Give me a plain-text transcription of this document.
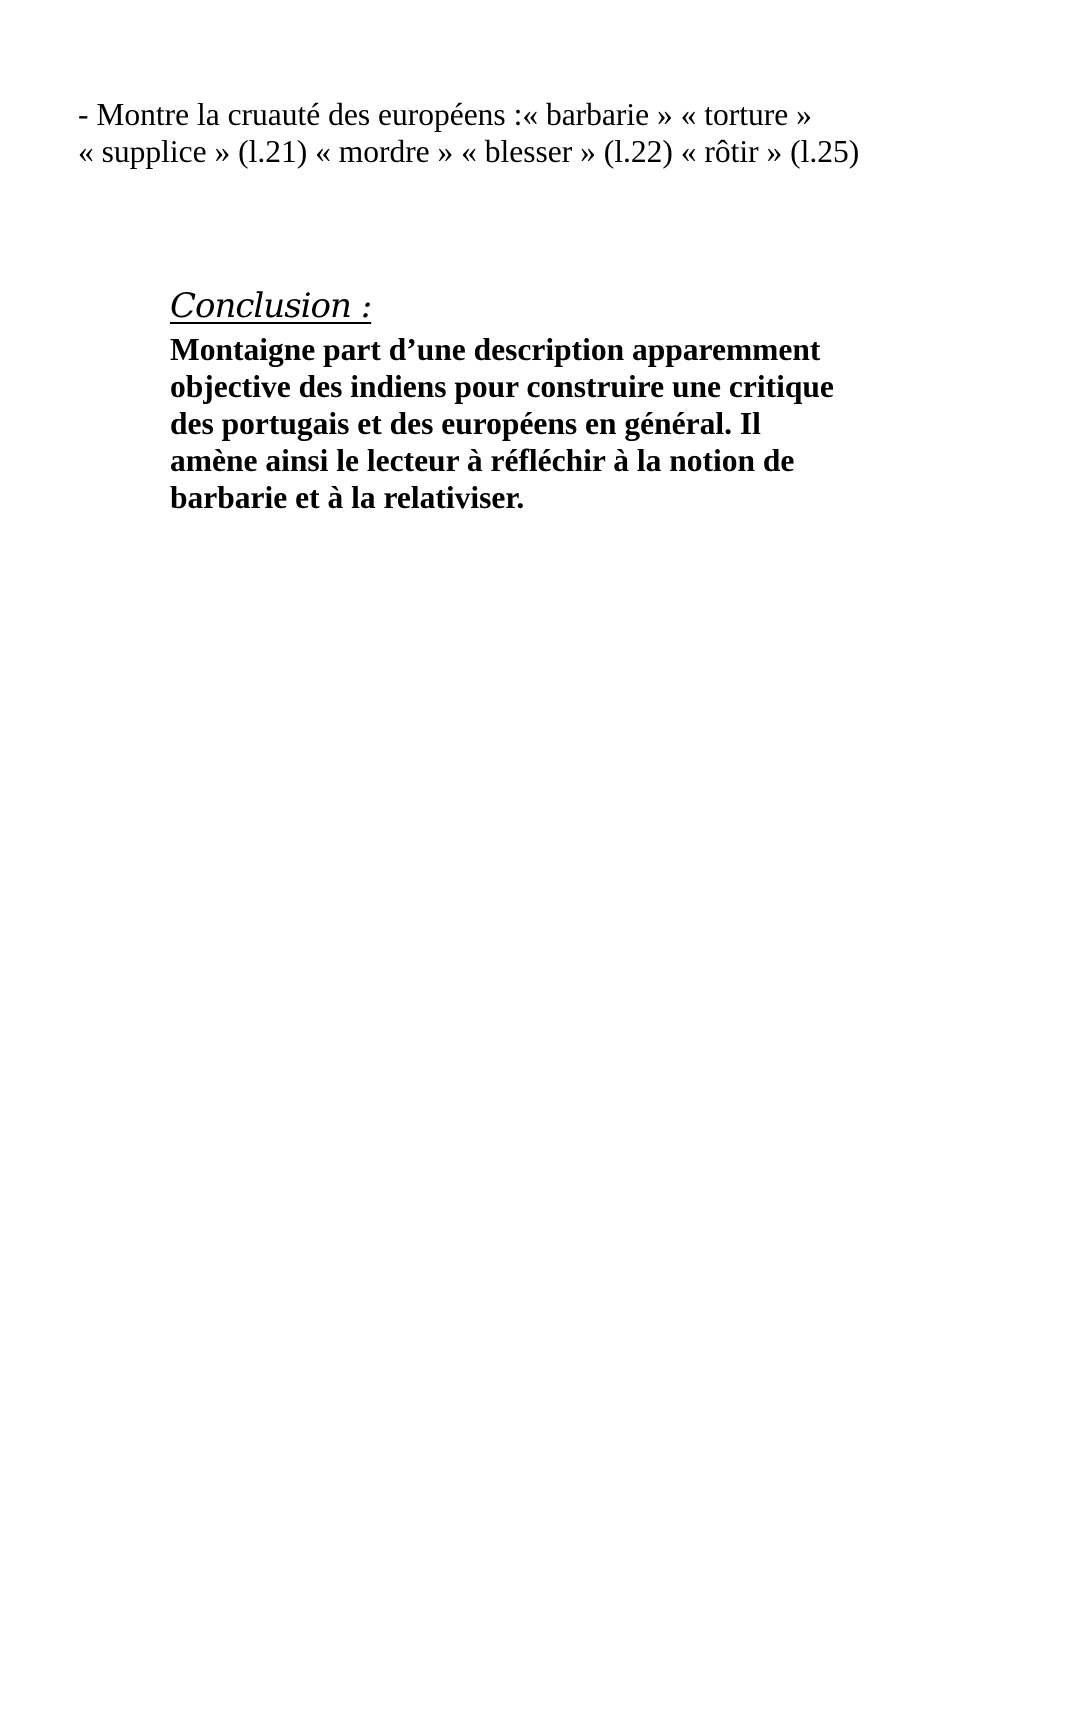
- Montre la cruauté des européens :« barbarie » « torture »
« supplice » (l.21) « mordre » « blesser » (l.22) « rôtir » (l.25)
Conclusion :
Montaigne part d’une description apparemment
objective des indiens pour construire une critique
des portugais et des européens en général. Il
amène ainsi le lecteur à réfléchir à la notion de
barbarie et à la relativiser.
